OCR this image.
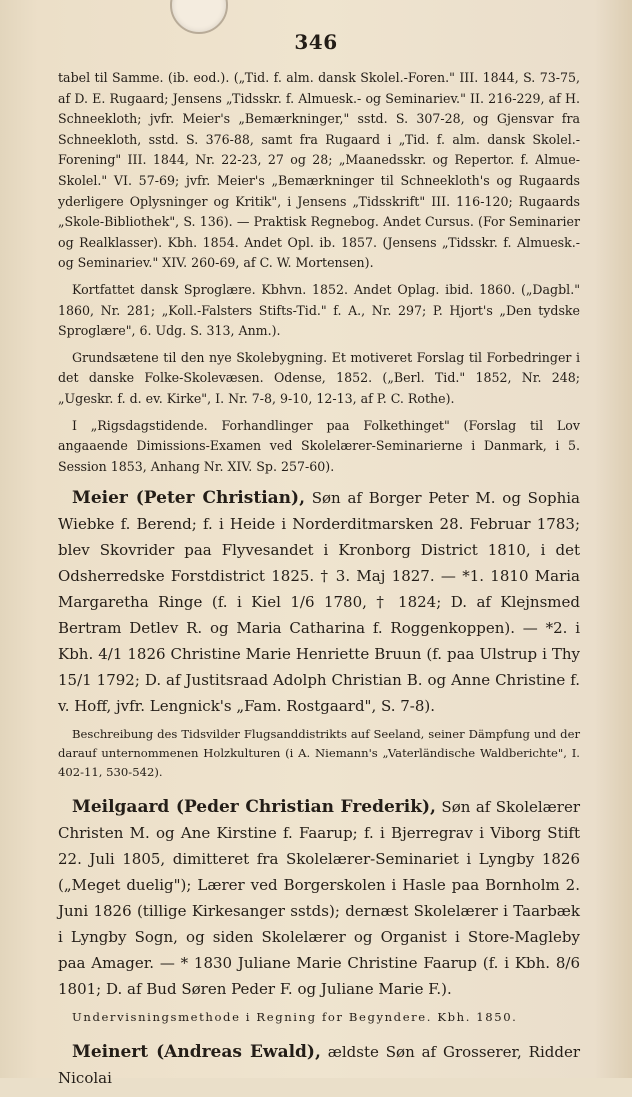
346

tabel til Samme. (ib. eod.). („Tid. f. alm. dansk Skolel.-Foren." III. 1844, S. 73-75, af D. E. Rugaard; Jensens „Tidsskr. f. Almuesk.- og Seminariev." II. 216-229, af H. Schneekloth; jvfr. Meier's „Bemærkninger," sstd. S. 307-28, og Gjensvar fra Schneekloth, sstd. S. 376-88, samt fra Rugaard i „Tid. f. alm. dansk Skolel.-Forening" III. 1844, Nr. 22-23, 27 og 28; „Maanedsskr. og Repertor. f. Almue-Skolel." VI. 57-69; jvfr. Meier's „Bemærkninger til Schneekloth's og Rugaards yderligere Oplysninger og Kritik", i Jensens „Tidsskrift" III. 116-120; Rugaards „Skole-Bibliothek", S. 136). — Praktisk Regnebog. Andet Cursus. (For Seminarier og Realklasser). Kbh. 1854. Andet Opl. ib. 1857. (Jensens „Tidsskr. f. Almuesk.- og Seminariev." XIV. 260-69, af C. W. Mortensen).

Kortfattet dansk Sproglære. Kbhvn. 1852. Andet Oplag. ibid. 1860. („Dagbl." 1860, Nr. 281; „Koll.-Falsters Stifts-Tid." f. A., Nr. 297; P. Hjort's „Den tydske Sproglære", 6. Udg. S. 313, Anm.).

Grundsætene til den nye Skolebygning. Et motiveret Forslag til Forbedringer i det danske Folke-Skolevæsen. Odense, 1852. („Berl. Tid." 1852, Nr. 248; „Ugeskr. f. d. ev. Kirke", I. Nr. 7-8, 9-10, 12-13, af P. C. Rothe).

I „Rigsdagstidende. Forhandlinger paa Folkethinget" (Forslag til Lov angaaende Dimissions-Examen ved Skolelærer-Seminarierne i Danmark, i 5. Session 1853, Anhang Nr. XIV. Sp. 257-60).

Meier (Peter Christian), Søn af Borger Peter M. og Sophia Wiebke f. Berend; f. i Heide i Norderditmarsken 28. Februar 1783; blev Skovrider paa Flyvesandet i Kronborg District 1810, i det Odsherredske Forstdistrict 1825. † 3. Maj 1827. — *1. 1810 Maria Margaretha Ringe (f. i Kiel 1/6 1780, † 1824; D. af Klejnsmed Bertram Detlev R. og Maria Catharina f. Roggenkoppen). — *2. i Kbh. 4/1 1826 Christine Marie Henriette Bruun (f. paa Ulstrup i Thy 15/1 1792; D. af Justitsraad Adolph Christian B. og Anne Christine f. v. Hoff, jvfr. Lengnick's „Fam. Rostgaard", S. 7-8).

Beschreibung des Tidsvilder Flugsanddistrikts auf Seeland, seiner Dämpfung und der darauf unternommenen Holzkulturen (i A. Niemann's „Vaterländische Waldberichte", I. 402-11, 530-542).

Meilgaard (Peder Christian Frederik), Søn af Skolelærer Christen M. og Ane Kirstine f. Faarup; f. i Bjerregrav i Viborg Stift 22. Juli 1805, dimitteret fra Skolelærer-Seminariet i Lyngby 1826 („Meget duelig"); Lærer ved Borgerskolen i Hasle paa Bornholm 2. Juni 1826 (tillige Kirkesanger sstds); dernæst Skolelærer i Taarbæk i Lyngby Sogn, og siden Skolelærer og Organist i Store-Magleby paa Amager. — * 1830 Juliane Marie Christine Faarup (f. i Kbh. 8/6 1801; D. af Bud Søren Peder F. og Juliane Marie F.).

Undervisningsmethode i Regning for Begyndere. Kbh. 1850.

Meinert (Andreas Ewald), ældste Søn af Grosserer, Ridder Nicolai
